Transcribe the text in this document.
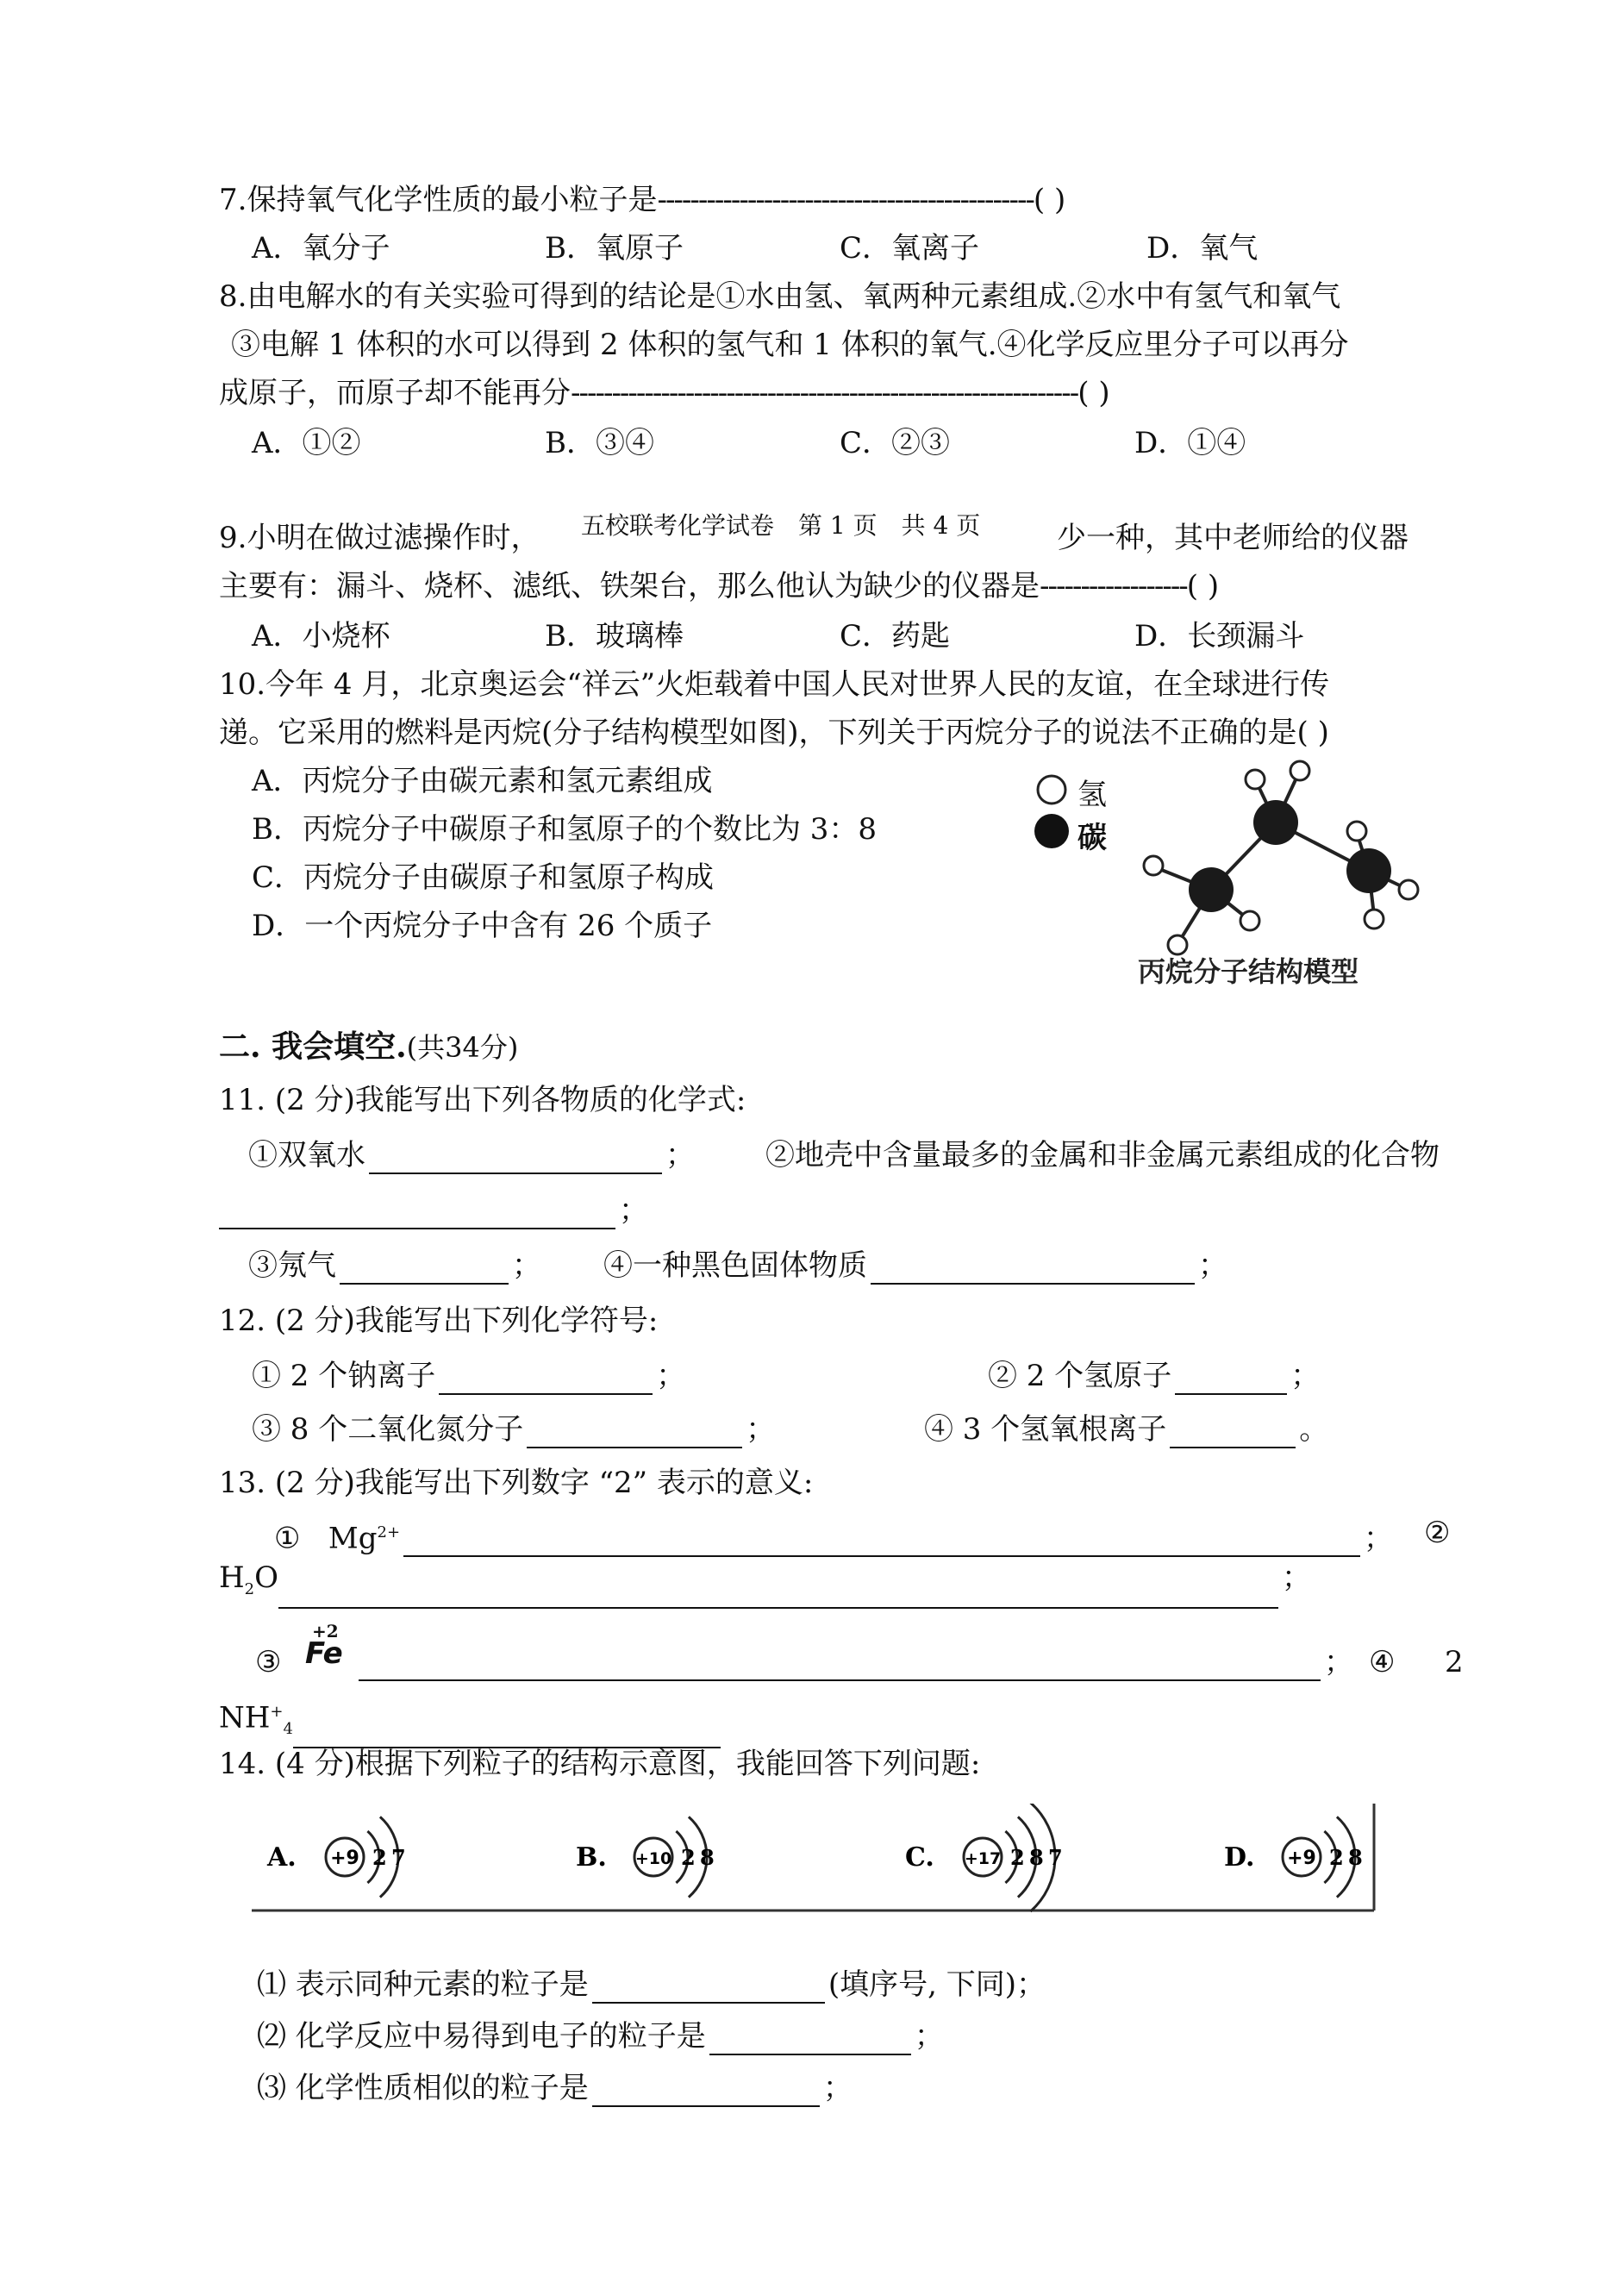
7.保持氧气化学性质的最小粒子是----------------------------------------------( )
A．氧分子	B．氧原子	C．氧离子	D．氧气
8.由电解水的有关实验可得到的结论是①水由氢、氧两种元素组成.②水中有氢气和氧气
③电解 1 体积的水可以得到 2 体积的氢气和 1 体积的氧气.④化学反应里分子可以再分
成原子，而原子却不能再分--------------------------------------------------------------( )
A．①②	B．③④	C．②③	D．①④
9.小明在做过滤操作时，	少一种，其中老师给的仪器
五校联考化学试卷　第 1 页　共 4 页
主要有：漏斗、烧杯、滤纸、铁架台，那么他认为缺少的仪器是------------------( )
A．小烧杯	B．玻璃棒	C．药匙	D．长颈漏斗
10.今年 4 月，北京奥运会“祥云”火炬载着中国人民对世界人民的友谊，在全球进行传
递。它采用的燃料是丙烷(分子结构模型如图)，下列关于丙烷分子的说法不正确的是( )
A．丙烷分子由碳元素和氢元素组成
B．丙烷分子中碳原子和氢原子的个数比为 3：8
C．丙烷分子由碳原子和氢原子构成
D．一个丙烷分子中含有 26 个质子
氢
碳
丙烷分子结构模型
二. 我会填空.(共34分)
11. (2 分)我能写出下列各物质的化学式:
①双氧水	； ②地壳中含量最多的金属和非金属元素组成的化合物
；
③氖气	； ④一种黑色固体物质	；
12. (2 分)我能写出下列化学符号:
① 2 个钠离子	；	② 2 个氢原子	；
③ 8 个二氧化氮分子	；	④ 3 个氢氧根离子	。
13. (2 分)我能写出下列数字 “2” 表示的意义:
① $Mg^{2+}$	； ②
$H_2O$	；
③
+2
Fe	； ④ 2
$NH^+_4$
14. (4 分)根据下列粒子的结构示意图，我能回答下列问题:
A. +9 2 7	B. +10 2 8	C. +17 2 8 7	D. +9 2 8
⑴ 表示同种元素的粒子是	(填序号, 下同)；
⑵ 化学反应中易得到电子的粒子是	；
⑶ 化学性质相似的粒子是	；
